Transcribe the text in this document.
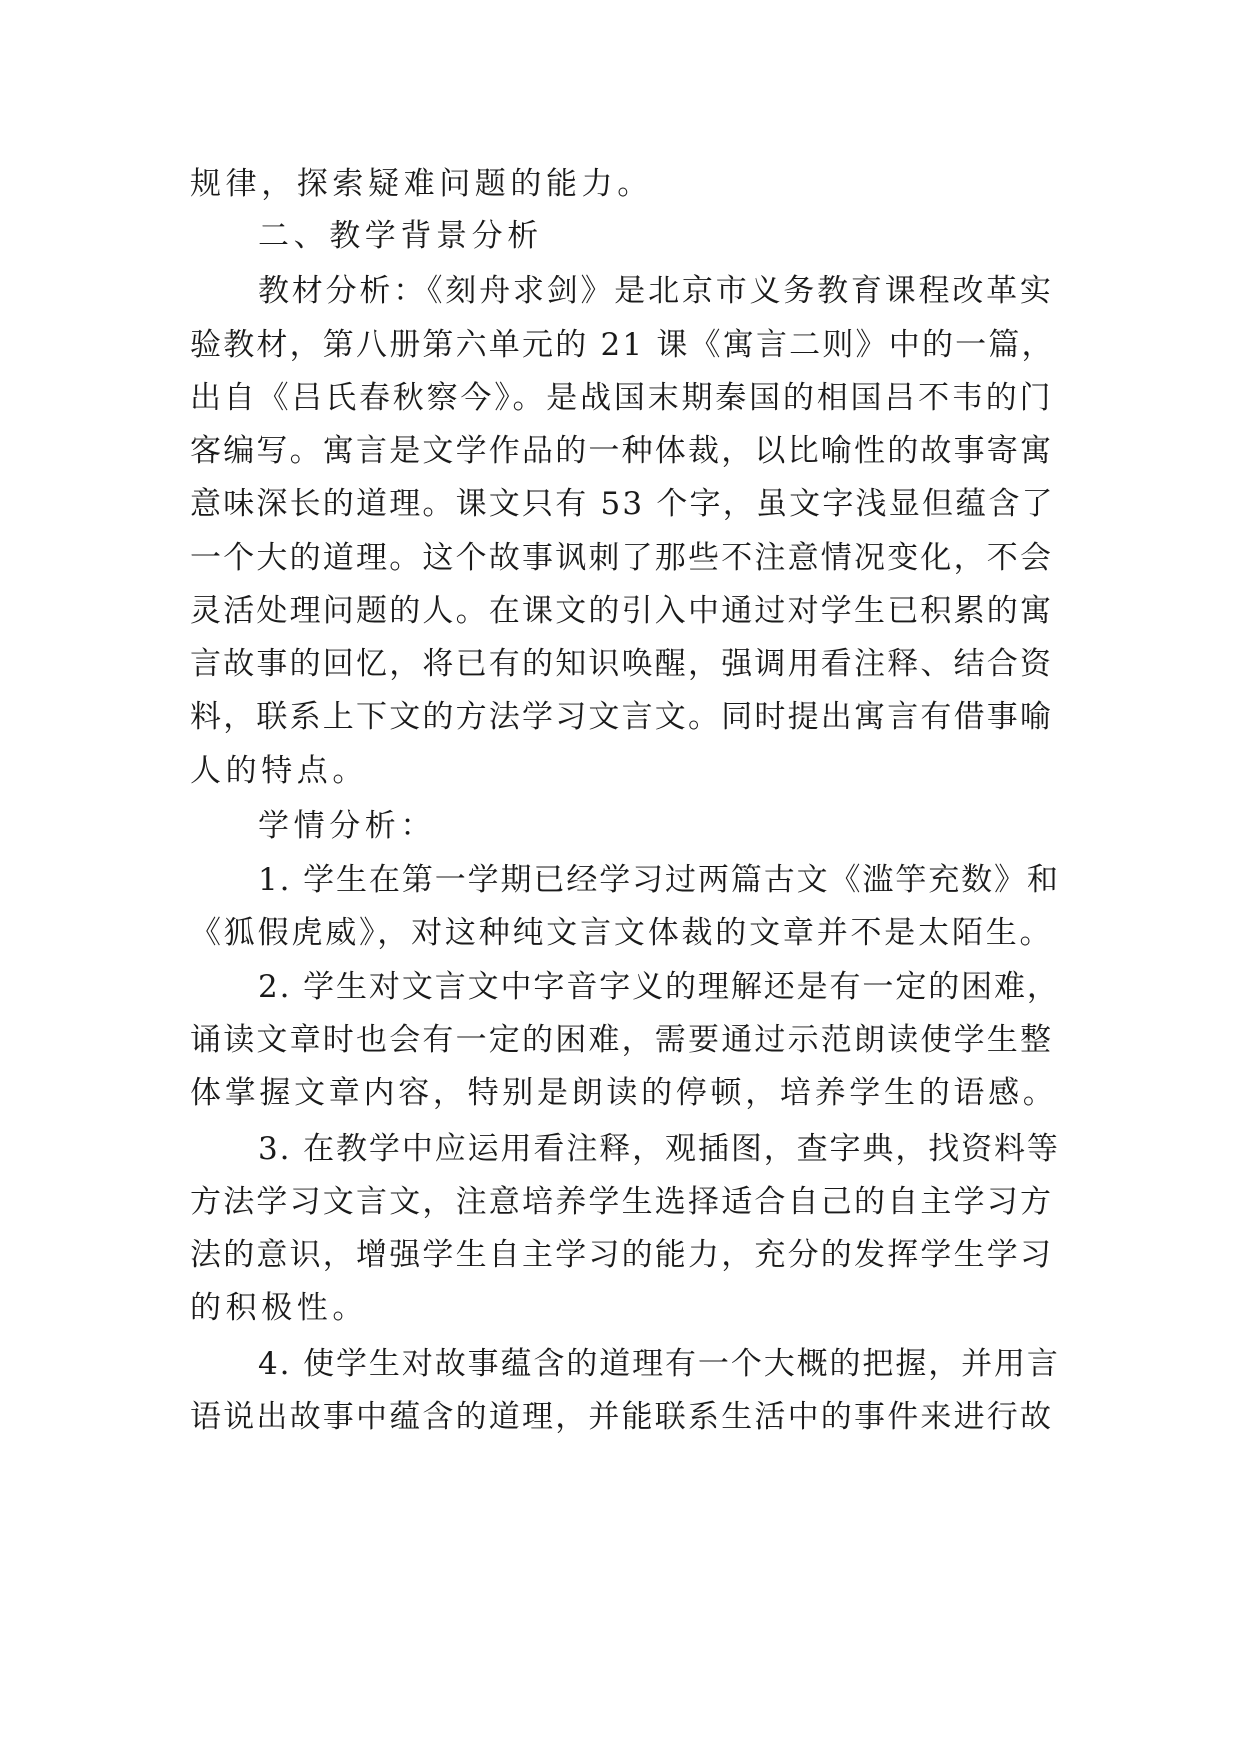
规律，探索疑难问题的能力。
二、教学背景分析
教材分析：《刻舟求剑》是北京市义务教育课程改革实
验教材，第八册第六单元的 21 课《寓言二则》中的一篇，
出自《吕氏春秋察今》。是战国末期秦国的相国吕不韦的门
客编写。寓言是文学作品的一种体裁，以比喻性的故事寄寓
意味深长的道理。课文只有 53 个字，虽文字浅显但蕴含了
一个大的道理。这个故事讽刺了那些不注意情况变化，不会
灵活处理问题的人。在课文的引入中通过对学生已积累的寓
言故事的回忆，将已有的知识唤醒，强调用看注释、结合资
料，联系上下文的方法学习文言文。同时提出寓言有借事喻
人的特点。
学情分析：
1. 学生在第一学期已经学习过两篇古文《滥竽充数》和
《狐假虎威》，对这种纯文言文体裁的文章并不是太陌生。
2. 学生对文言文中字音字义的理解还是有一定的困难，
诵读文章时也会有一定的困难，需要通过示范朗读使学生整
体掌握文章内容，特别是朗读的停顿，培养学生的语感。
3. 在教学中应运用看注释，观插图，查字典，找资料等
方法学习文言文，注意培养学生选择适合自己的自主学习方
法的意识，增强学生自主学习的能力，充分的发挥学生学习
的积极性。
4. 使学生对故事蕴含的道理有一个大概的把握，并用言
语说出故事中蕴含的道理，并能联系生活中的事件来进行故
